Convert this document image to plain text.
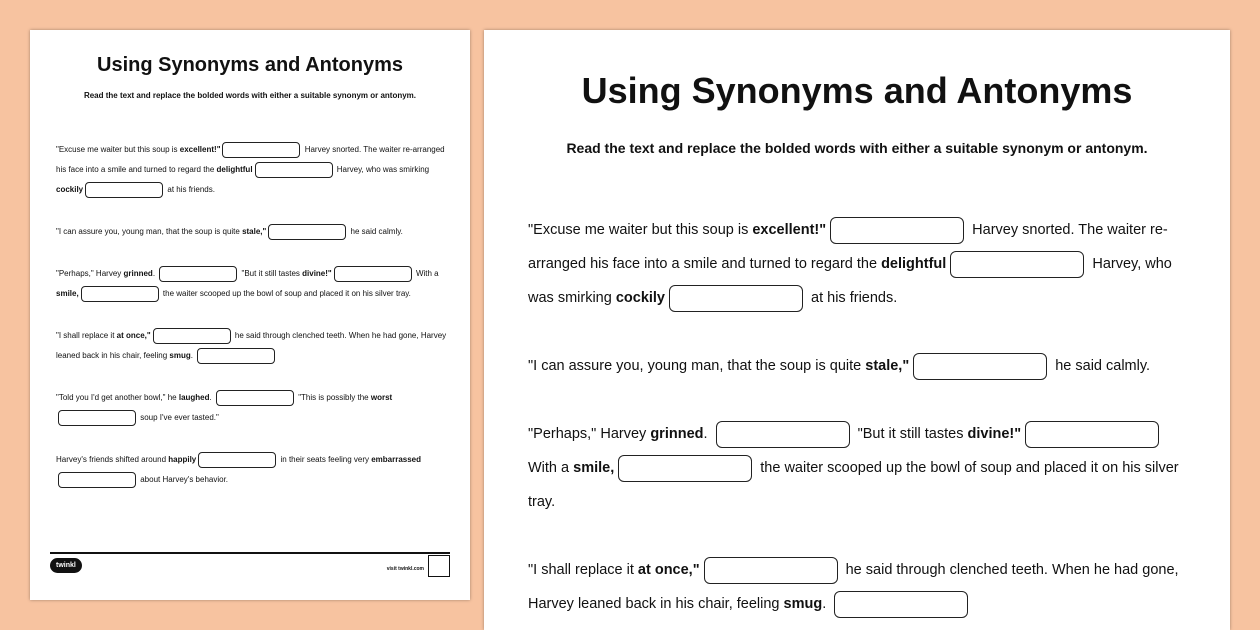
Using Synonyms and Antonyms
Read the text and replace the bolded words with either a suitable synonym or antonym.

"Excuse me waiter but this soup is excellent!"	Harvey snorted. The waiter re-arranged his face into a smile and turned to regard the delightful	Harvey, who was smirking cockily	at his friends.

"I can assure you, young man, that the soup is quite stale,"	he said calmly.

"Perhaps," Harvey grinned.	"But it still tastes divine!"	With a smile,	the waiter scooped up the bowl of soup and placed it on his silver tray.

"I shall replace it at once,"	he said through clenched teeth. When he had gone, Harvey leaned back in his chair, feeling smug.

"Told you I'd get another bowl," he laughed.	"This is possibly the worst soup I've ever tasted."

Harvey's friends shifted around happily	in their seats feeling very embarrassed about Harvey's behavior.

twinkl	visit twinkl.com
Using Synonyms and Antonyms
Read the text and replace the bolded words with either a suitable synonym or antonym.

"Excuse me waiter but this soup is excellent!"	Harvey snorted. The waiter re-arranged his face into a smile and turned to regard the delightful	Harvey, who was smirking cockily	at his friends.

"I can assure you, young man, that the soup is quite stale,"	he said calmly.

"Perhaps," Harvey grinned.	"But it still tastes divine!" With a smile,	the waiter scooped up the bowl of soup and placed it on his silver tray.

"I shall replace it at once,"	he said through clenched teeth. When he had gone, Harvey leaned back in his chair, feeling smug.
